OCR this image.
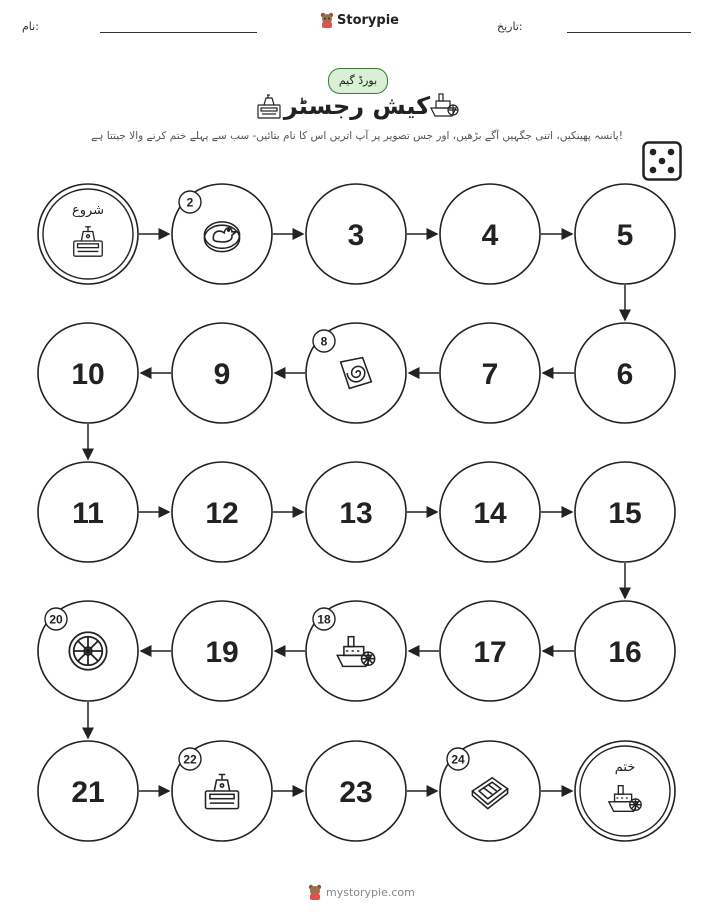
نام:	Storypie	تاریخ:
بورڈ گیم
کیش رجسٹر
پانسہ پھینکیں، اتنی جگہیں آگے بڑھیں، اور جس تصویر پر آپ اتریں اس کا نام بتائیں- سب سے پہلے ختم کرنے والا جیتتا ہے!
شروع
2
3	4	5
6
7
8
9
10
11	12	13	14	15
16
17
18
19
20
21
22
23
24
ختم
mystorypie.com
